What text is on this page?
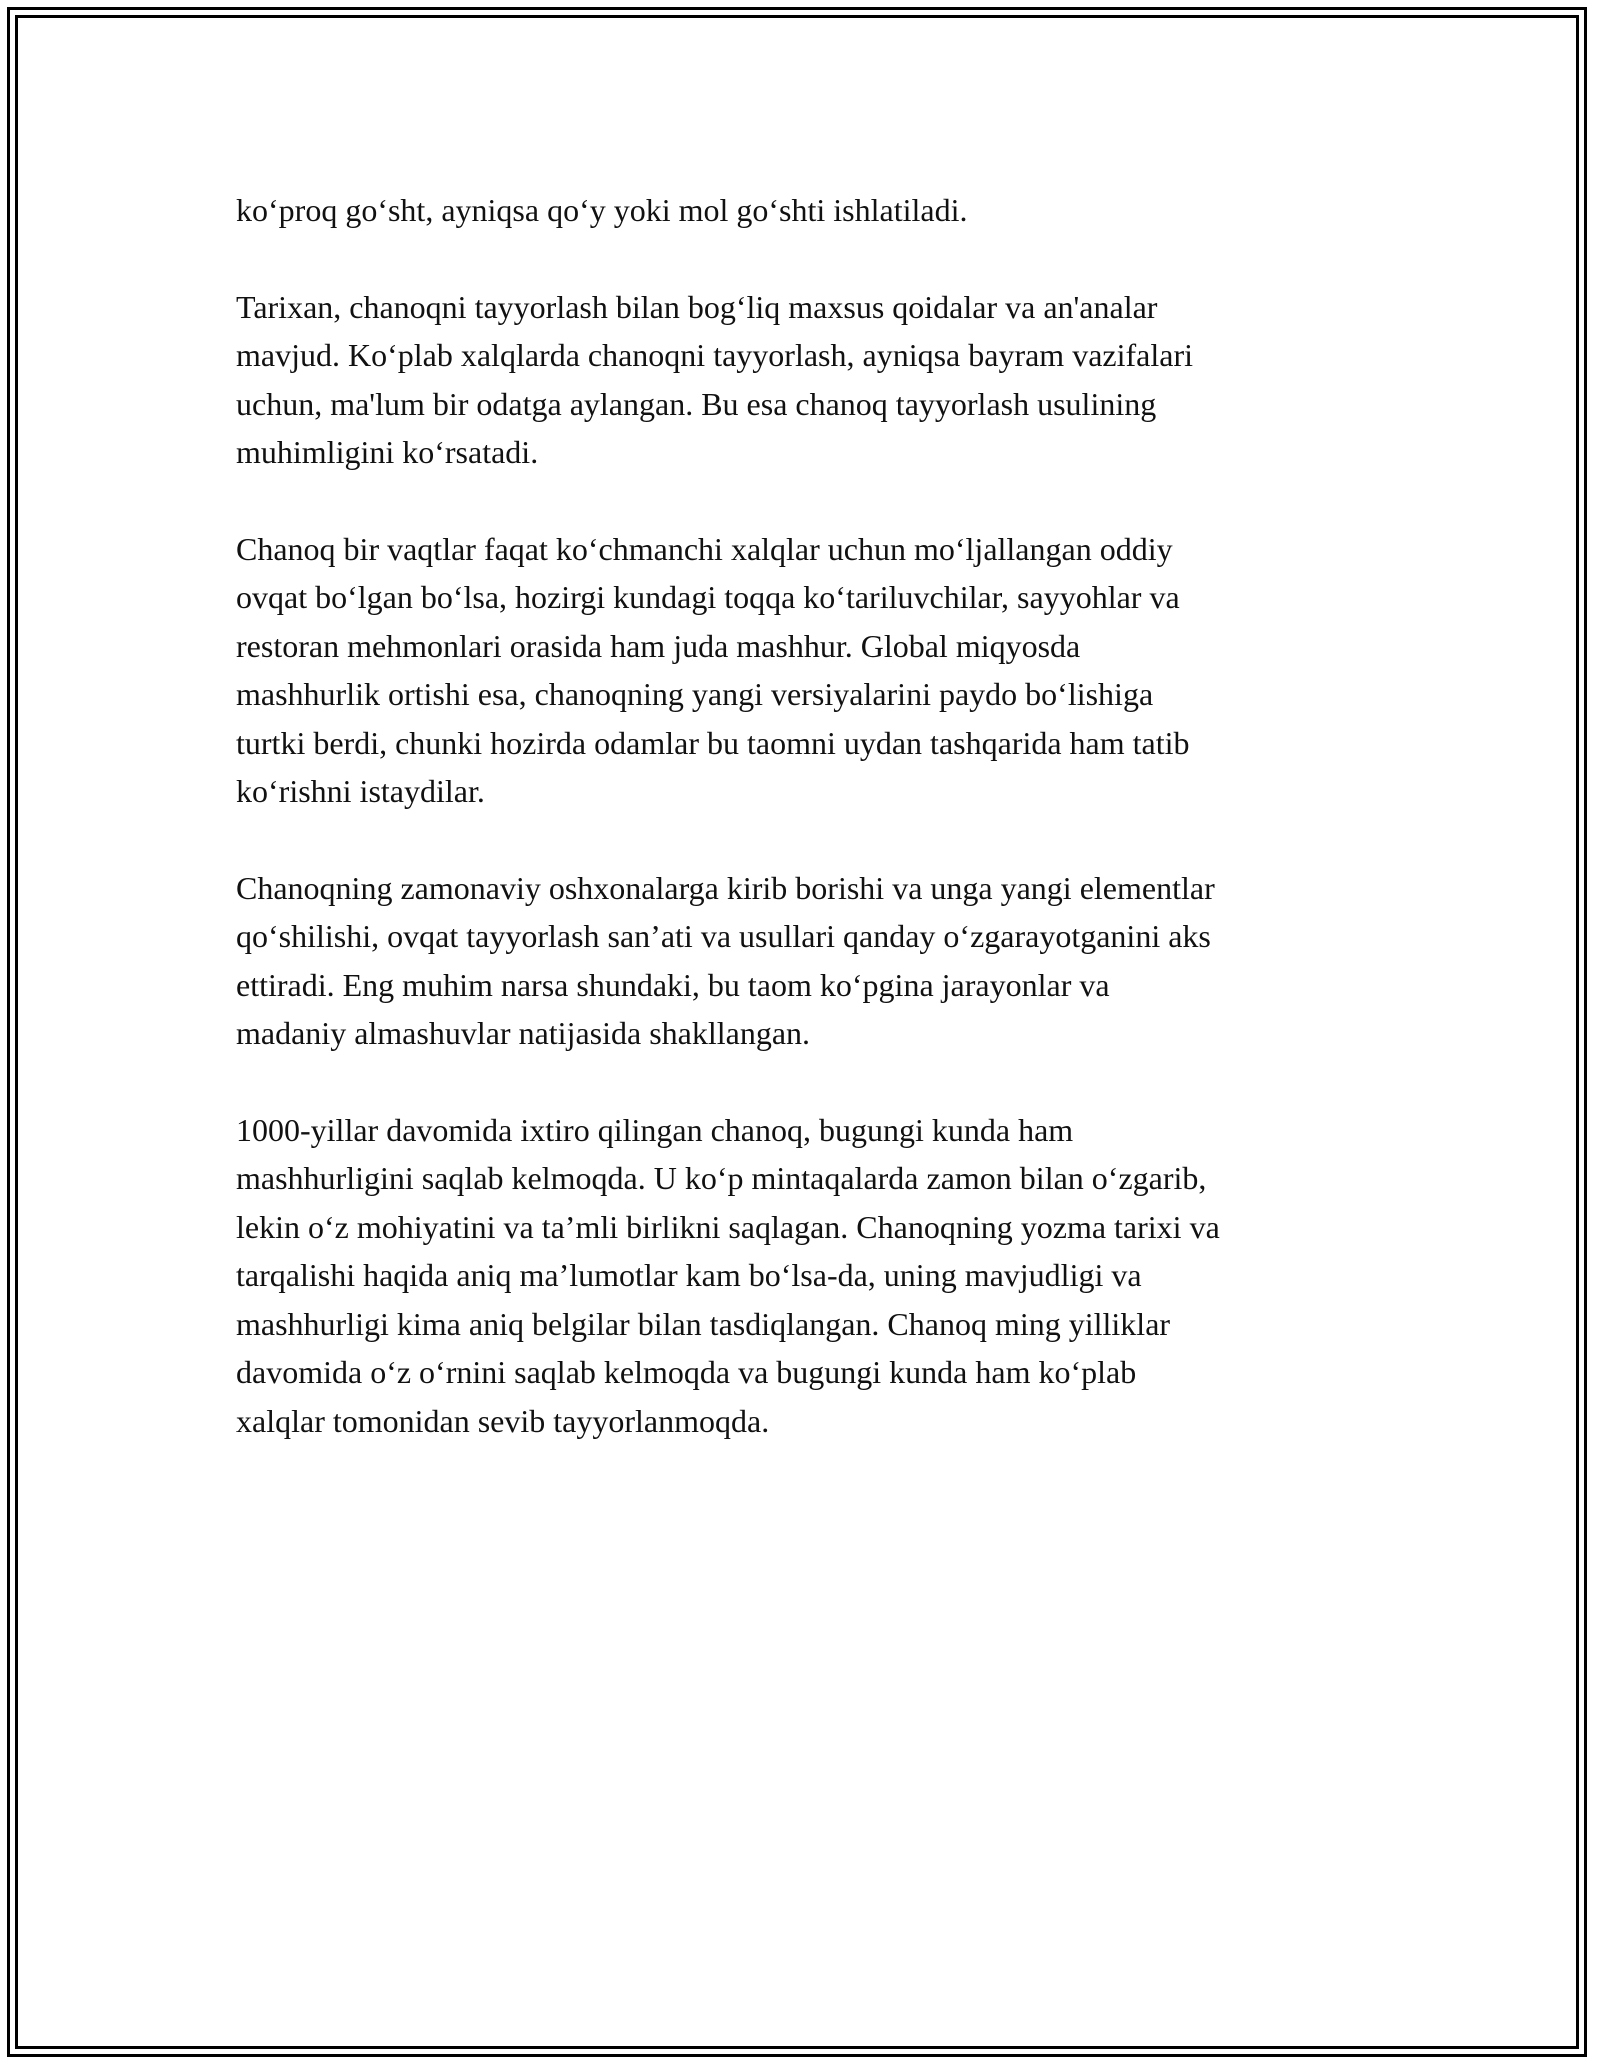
ko‘proq go‘sht, ayniqsa qo‘y yoki mol go‘shti ishlatiladi.

Tarixan, chanoqni tayyorlash bilan bog‘liq maxsus qoidalar va an'analar
mavjud. Ko‘plab xalqlarda chanoqni tayyorlash, ayniqsa bayram vazifalari
uchun, ma'lum bir odatga aylangan. Bu esa chanoq tayyorlash usulining
muhimligini ko‘rsatadi.

Chanoq bir vaqtlar faqat ko‘chmanchi xalqlar uchun mo‘ljallangan oddiy
ovqat bo‘lgan bo‘lsa, hozirgi kundagi toqqa ko‘tariluvchilar, sayyohlar va
restoran mehmonlari orasida ham juda mashhur. Global miqyosda
mashhurlik ortishi esa, chanoqning yangi versiyalarini paydo bo‘lishiga
turtki berdi, chunki hozirda odamlar bu taomni uydan tashqarida ham tatib
ko‘rishni istaydilar.

Chanoqning zamonaviy oshxonalarga kirib borishi va unga yangi elementlar
qo‘shilishi, ovqat tayyorlash san’ati va usullari qanday o‘zgarayotganini aks
ettiradi. Eng muhim narsa shundaki, bu taom ko‘pgina jarayonlar va
madaniy almashuvlar natijasida shakllangan.

1000-yillar davomida ixtiro qilingan chanoq, bugungi kunda ham
mashhurligini saqlab kelmoqda. U ko‘p mintaqalarda zamon bilan o‘zgarib,
lekin o‘z mohiyatini va ta’mli birlikni saqlagan. Chanoqning yozma tarixi va
tarqalishi haqida aniq ma’lumotlar kam bo‘lsa-da, uning mavjudligi va
mashhurligi kima aniq belgilar bilan tasdiqlangan. Chanoq ming yilliklar
davomida o‘z o‘rnini saqlab kelmoqda va bugungi kunda ham ko‘plab
xalqlar tomonidan sevib tayyorlanmoqda.
